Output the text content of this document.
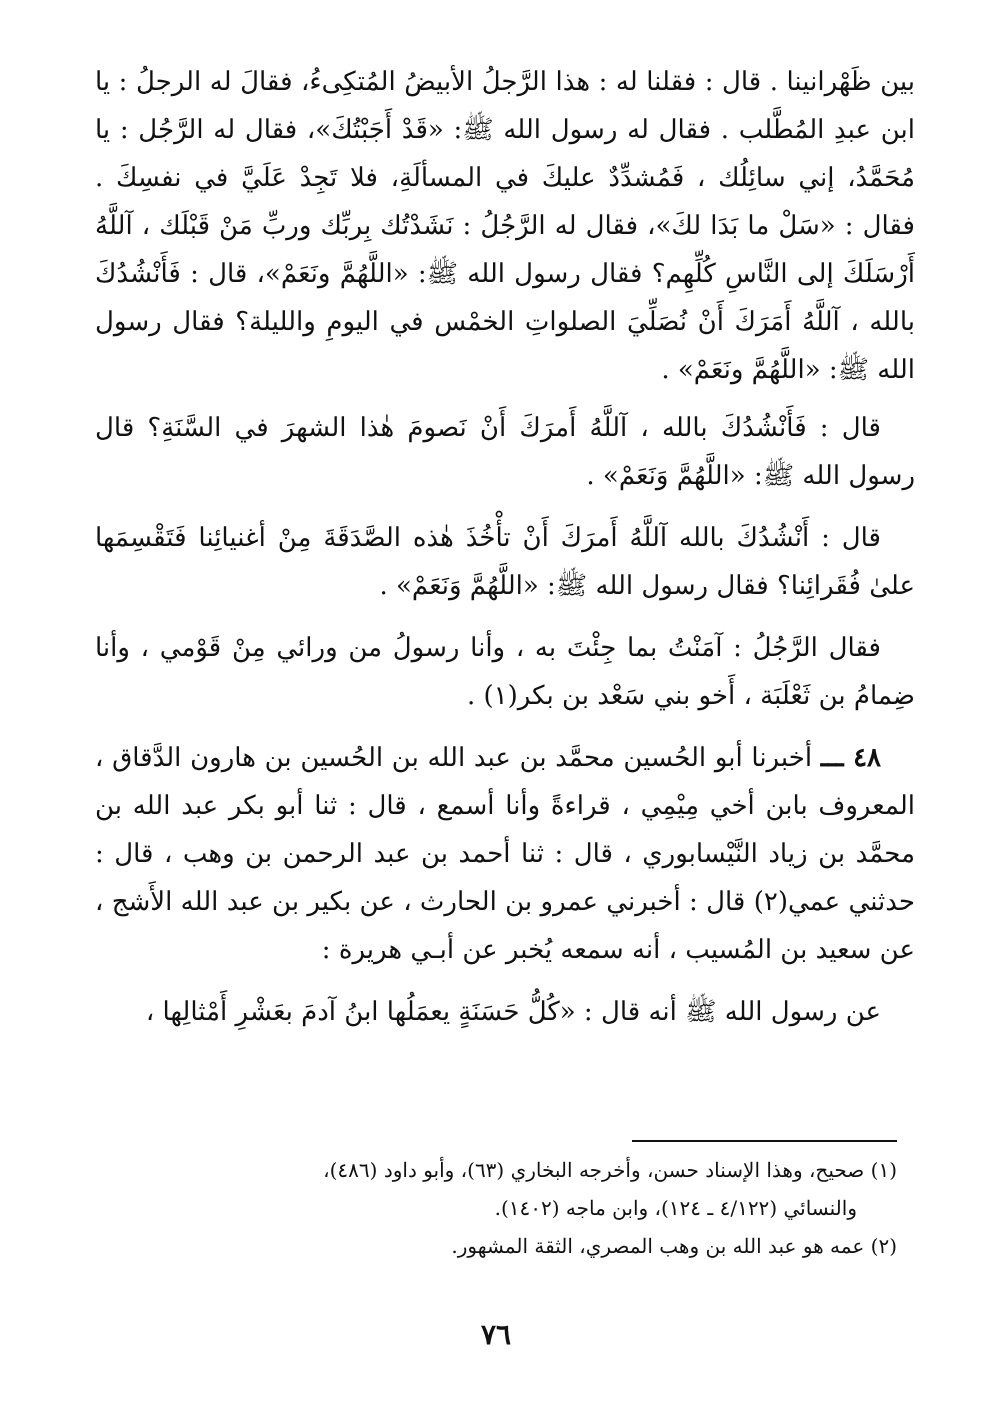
بين ظَهْرانينا . قال : فقلنا له : هذا الرَّجلُ الأبيضُ المُتكِىءُ، فقالَ له الرجلُ : يا ابن عبدِ المُطَّلب . فقال له رسول الله ﷺ: «قَدْ أَجَبْتُكَ»، فقال له الرَّجُل : يا مُحَمَّدُ، إني سائِلُك ، فَمُشدِّدٌ عليكَ في المسألَةِ، فلا تَجِدْ عَلَيَّ في نفسِكَ . فقال : «سَلْ ما بَدَا لكَ»، فقال له الرَّجُلُ : نَشَدْتُك بِربِّك وربِّ مَنْ قَبْلَك ، آللَّهُ أَرْسَلَكَ إلى النَّاسِ كُلِّهِم؟ فقال رسول الله ﷺ: «اللَّهُمَّ ونَعَمْ»، قال : فَأَنْشُدُكَ بالله ، آللَّهُ أَمَرَكَ أَنْ نُصَلِّيَ الصلواتِ الخمْس في اليومِ والليلة؟ فقال رسول الله ﷺ: «اللَّهُمَّ ونَعَمْ» .

قال : فَأَنْشُدُكَ بالله ، آللَّهُ أَمرَكَ أَنْ نَصومَ هٰذا الشهرَ في السَّنَةِ؟ قال رسول الله ﷺ: «اللَّهُمَّ وَنَعَمْ» .

قال : أَنْشُدُكَ بالله آللَّهُ أَمرَكَ أَنْ تأْخُذَ هٰذه الصَّدَقَةَ مِنْ أغنيائِنا فَتَقْسِمَها علىٰ فُقَرائِنا؟ فقال رسول الله ﷺ: «اللَّهُمَّ وَنَعَمْ» .

فقال الرَّجُلُ : آمَنْتُ بما جِئْتَ به ، وأنا رسولُ من ورائي مِنْ قَوْمي ، وأنا ضِمامُ بن ثَعْلَبَة ، أَخو بني سَعْد بن بكر(١) .

٤٨ ـــ أخبرنا أبو الحُسين محمَّد بن عبد الله بن الحُسين بن هارون الدَّقاق ، المعروف بابن أخي مِيْمِي ، قراءةً وأنا أسمع ، قال : ثنا أبو بكر عبد الله بن محمَّد بن زياد النَّيْسابوري ، قال : ثنا أحمد بن عبد الرحمن بن وهب ، قال : حدثني عمي(٢) قال : أخبرني عمرو بن الحارث ، عن بكير بن عبد الله الأَشج ، عن سعيد بن المُسيب ، أنه سمعه يُخبر عن أبـي هريرة :

عن رسول الله ﷺ أنه قال : «كُلُّ حَسَنَةٍ يعمَلُها ابنُ آدمَ بعَشْرِ أَمْثالِها ،

(١) صحيح، وهذا الإسناد حسن، وأخرجه البخاري (٦٣)، وأبو داود (٤٨٦)،
والنسائي (٤/١٢٢ ـ ١٢٤)، وابن ماجه (١٤٠٢).
(٢) عمه هو عبد الله بن وهب المصري، الثقة المشهور.
٧٦
